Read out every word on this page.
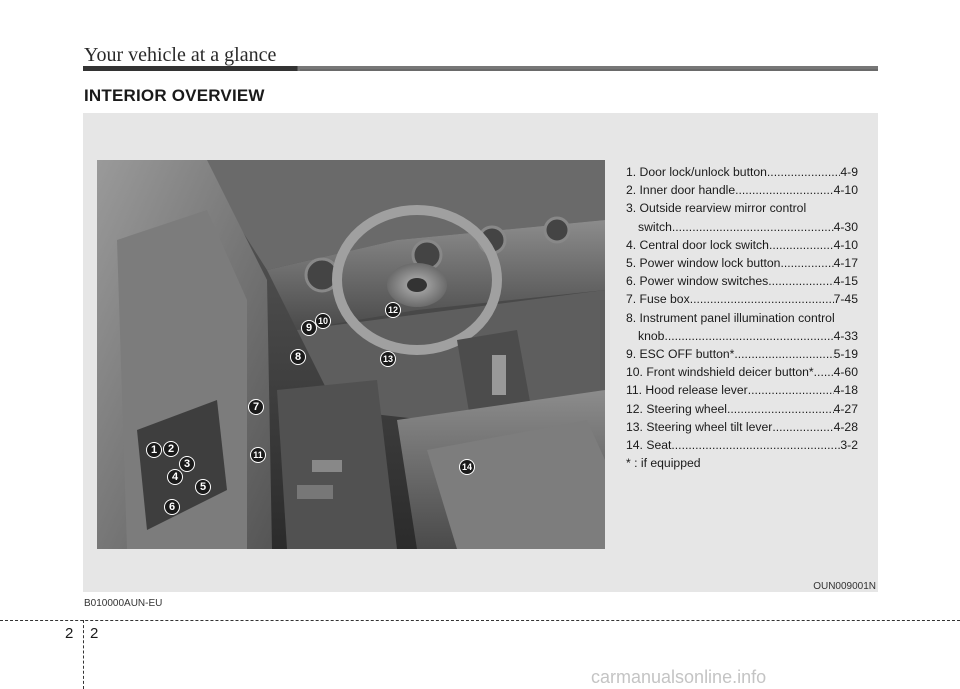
Your vehicle at a glance
INTERIOR OVERVIEW
1 2
3
4
5
6
7
8
9
10
11
12
13
14
1. Door lock/unlock button .....	4-9
2. Inner door handle .....	4-10
3. Outside rearview mirror control
switch .....	4-30
4. Central door lock switch .....	4-10
5. Power window lock button .....	4-17
6. Power window switches .....	4-15
7. Fuse box .....	7-45
8. Instrument panel illumination control
knob .....	4-33
9. ESC OFF button* .....	5-19
10. Front windshield deicer button* ..... 4-60
11. Hood release lever .....	4-18
12. Steering wheel .....	4-27
13. Steering wheel tilt lever .....	4-28
14. Seat .....	3-2
* : if equipped
OUN009001N
B010000AUN-EU
2 2
carmanualsonline.info
